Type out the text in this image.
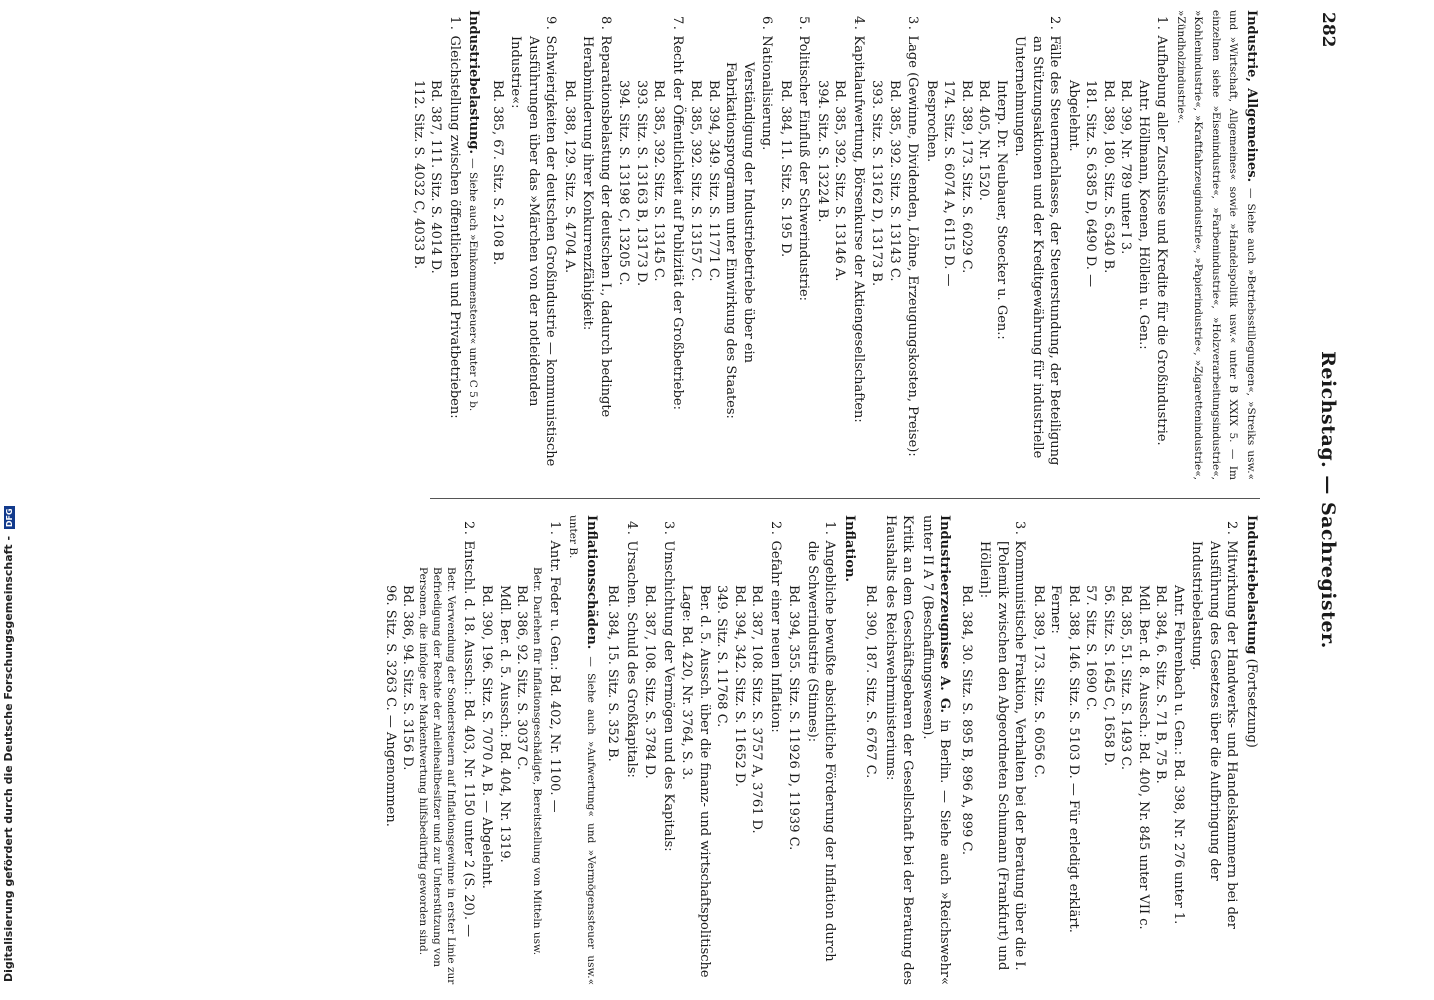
282
Reichstag. — Sachregister.
Industrie, Allgemeines. — Siehe auch »Betriebsstillegungen«, »Streiks usw.« und »Wirtschaft, Allgemeines« sowie »Handelspolitik usw.« unter B XXIX 5. — Im einzelnen siehe »Eisenindustrie«, »Farbenindustrie«, »Holzverarbeitungsindustrie«, »Kohlenindustrie«, »Kraftfahrzeugindustrie«, »Papierindustrie«, »Zigarettenindustrie«, »Zündholzindustrie«.
1. Aufhebung aller Zuschüsse und Kredite für die Großindustrie.
Antr. Höllmann, Koenen, Höllein u. Gen.:
Bd. 399, Nr. 789 unter I 3.
Bd. 389, 180. Sitz. S. 6340 B.
181. Sitz. S. 6385 D, 6490 D. —
Abgelehnt.
2. Fälle des Steuernachlasses, der Steuerstundung, der Beteiligung an Stützungsaktionen und der Kreditgewährung für industrielle Unternehmungen.
Interp. Dr. Neubauer, Stoecker u. Gen.:
Bd. 405, Nr. 1520.
Bd. 389, 173. Sitz. S. 6029 C.
174. Sitz. S. 6074 A, 6115 D. —
Besprochen.
3. Lage (Gewinne, Dividenden, Löhne, Erzeugungskosten, Preise):
Bd. 385, 392. Sitz. S. 13143 C.
393. Sitz. S. 13162 D, 13173 B.
4. Kapitalaufwertung, Börsenkurse der Aktiengesellschaften:
Bd. 385, 392. Sitz. S. 13146 A.
394. Sitz. S. 13224 B.
5. Politischer Einfluß der Schwerindustrie:
Bd. 384, 11. Sitz. S. 195 D.
6. Nationalisierung.
Verständigung der Industriebetriebe über ein Fabrikationsprogramm unter Einwirkung des Staates:
Bd. 394, 349. Sitz. S. 11771 C.
Bd. 385, 392. Sitz. S. 13157 C.
7. Recht der Öffentlichkeit auf Publizität der Großbetriebe:
Bd. 385, 392. Sitz. S. 13145 C.
393. Sitz. S. 13163 B, 13173 D.
394. Sitz. S. 13198 C, 13205 C.
8. Reparationsbelastung der deutschen I., dadurch bedingte Herabminderung ihrer Konkurrenzfähigkeit:
Bd. 388, 129. Sitz. S. 4704 A.
9. Schwierigkeiten der deutschen Großindustrie — kommunistische Ausführungen über das »Märchen von der notleidenden Industrie«:
Bd. 385, 67. Sitz. S. 2108 B.
Industriebelastung. — Siehe auch »Einkommensteuer« unter C 5 b.
1. Gleichstellung zwischen öffentlichen und Privatbetrieben:
Bd. 387, 111. Sitz. S. 4014 D.
112. Sitz. S. 4032 C, 4033 B.
Industriebelastung (Fortsetzung)
2. Mitwirkung der Handwerks- und Handelskammern bei der Ausführung des Gesetzes über die Aufbringung der Industriebelastung.
Antr. Fehrenbach u. Gen.: Bd. 398, Nr. 276 unter 1.
Bd. 384, 6. Sitz. S. 71 B, 75 B.
Mdl. Ber. d. 8. Aussch.: Bd. 400, Nr. 845 unter VII c.
Bd. 385, 51. Sitz. S. 1493 C.
56. Sitz. S. 1645 C, 1658 D.
57. Sitz. S. 1690 C.
Bd. 388, 146. Sitz. S. 5103 D. — Für erledigt erklärt.
Ferner:
Bd. 389, 173. Sitz. S. 6056 C.
3. Kommunistische Fraktion, Verhalten bei der Beratung über die I. [Polemik zwischen den Abgeordneten Schumann (Frankfurt) und Höllein]:
Bd. 384, 30. Sitz. S. 895 B, 896 A, 899 C.
Industrieerzeugnisse A. G. in Berlin. — Siehe auch »Reichswehr« unter II A 7 (Beschaffungswesen).
Kritik an dem Geschäftsgebaren der Gesellschaft bei der Beratung des Haushalts des Reichswehrministeriums:
Bd. 390, 187. Sitz. S. 6767 C.
Inflation.
1. Angebliche bewußte absichtliche Förderung der Inflation durch die Schwerindustrie (Stinnes):
Bd. 394, 355. Sitz. S. 11926 D, 11939 C.
2. Gefahr einer neuen Inflation:
Bd. 387, 108. Sitz. S. 3757 A, 3761 D.
Bd. 394, 342. Sitz. S. 11652 D.
349. Sitz. S. 11768 C.
Ber. d. 5. Aussch. über die finanz- und wirtschaftspolitische Lage: Bd. 420, Nr. 3764, S. 3.
3. Umschichtung der Vermögen und des Kapitals:
Bd. 387, 108. Sitz. S. 3784 D.
4. Ursachen. Schuld des Großkapitals:
Bd. 384, 15. Sitz. S. 352 B.
Inflationsschäden. — Siehe auch »Aufwertung« und »Vermögenssteuer usw.« unter B.
1. Antr. Feder u. Gen.: Bd. 402, Nr. 1100. —
Betr. Darlehen für Inflationsgeschädigte, Bereitstellung von Mitteln usw.
Bd. 386, 92. Sitz. S. 3037 C.
Mdl. Ber. d. 5. Aussch.: Bd. 404, Nr. 1319.
Bd. 390, 196. Sitz. S. 7070 A, B. — Abgelehnt.
2. Entschl. d. 18. Aussch.: Bd. 403, Nr. 1150 unter 2 (S. 20). —
Betr. Verwendung der Sondersteuern auf Inflationsgewinne in erster Linie zur Befriedigung der Rechte der Anleihealtbesitzer und zur Unterstützung von Personen, die infolge der Markentwertung hilfsbedürftig geworden sind.
Bd. 386, 94. Sitz. S. 3156 D.
96. Sitz. S. 3263 C. — Angenommen.
Digitalisierung gefördert durch die Deutsche Forschungsgemeinschaft - DFG
